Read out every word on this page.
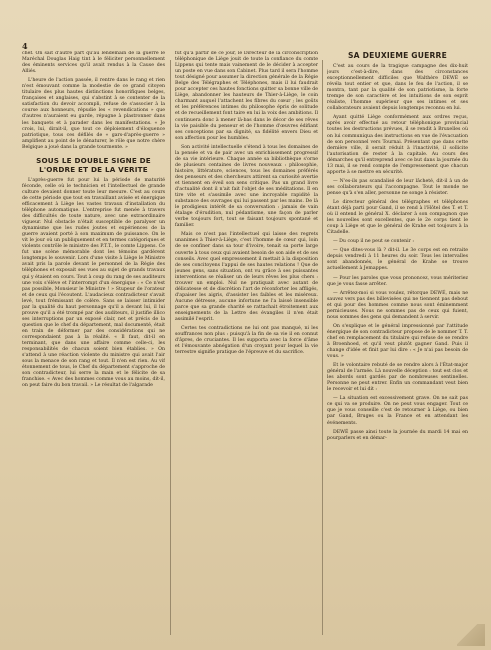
4

chef. On sait d'autre part qu'au lendemain de la guerre le Maréchal Douglas Haig tint à le féliciter personnellement des éminents services qu'il avait rendus à la Cause des Alliés.

L'heure de l'action passée, il rentre dans le rang et rien n'est émouvant comme la modestie de ce grand citoyen titulaire des plus hautes distinctions honorifiques belges, françaises et anglaises, qui s'abstint à se contenter de la satisfaction du devoir accompli, refuse de s'associer à la course aux honneurs, répudie les « revendications » que d'autres n'auraient eu garde, répugne à plastronner dans les banquets et à parader dans les manifestations. « Je crois, lui, dirait-il, que tout ce déploiement d'éloquence patriotique, tous ces défilés de « gars-d'après-guerre » amplifient au point de le dénaturer, le rôle que notre chère Belgique a joué dans la grande tourmente. »

SOUS LE DOUBLE SIGNE DE L'ORDRE ET DE LA VERITE

L'après-guerre fut pour lui la période de maturité féconde, celle où le technicien et l'intellectuel de grande culture devaient donner toute leur mesure. C'est au cours de cette période que tout en travaillant avisée et énergique efficacement à Liège les vastes travaux d'installation du téléphone automatique. L'entreprise fut menée à travers des difficultés de toute nature, avec une extraordinaire vigueur. Nul obstacle n'était susceptible de paralyser un dynamisme que les rudes joutes et expériences de la guerre avaient porté à son maximum de puissance. On le vit le jour où un publiquement et en termes catégoriques et violents contrôle le ministre des P.T.T., le comte Lippens. Ce fut une scène mémorable dont les témoins gardèrent longtemps le souvenir. Lors d'une visite à Liège le Ministre avait pris la parole devant le personnel de la Régie des téléphones et exposait ses vues au sujet de grands travaux qui y étaient en cours. Tout à coup du rang de ses auditeurs une voix s'élève et l'interrompt d'un énergique : « Ce n'est pas possible, Monsieur le Ministre ! » Stupeur de l'orateur et de ceux qui l'écoutent. L'audacieux contradicteur s'avait levé, tout frémissant de colère. Sans se laisser intimider par la qualité du haut personnage qu'il a devant lui, il lui prouve qu'il a été trompé par des auditeurs, il justifie illico ses interruptions par un exposé clair, net et précis de la question que le chef du département, mal documenté, était en train de déformer par des considérations qui ne correspondaient pas à la réalité. « Il faut, dit-il en terminant, que dans une affaire comme celle-ci, les responsabilités de chacun soient bien établies. » On s'attend à une réaction violente du ministre qui avait l'air sous la menace de son rang et tout. Il n'en est rien. Au vif étonnement de tous, le Chef du département s'approche de son contradicteur, lui serre la main et le félicite de sa franchise. « Avec des hommes comme vous au moins, dit-il, on peut faire du bon travail. » Le résultat de l'algarade

fut qu'à partir de ce jour, le Directeur de la circonscription téléphonique de Liège jouit de toute la confiance du comte Lippens qui tente mais vainement de le décider à accepter un poste en vue dans son Cabinet. Plus tard il sera l'homme tout désigné pour assumer la direction générale de la Régie Belge des Télégraphes et Téléphones, mais il lui faudrait pour accepter ces hautes fonctions quitter sa bonne ville de Liège, abandonner les hauteurs de Thier-à-Liège, le coin charmant auquel l'attachent les fibres du cœur ; les goûts et les préférences intimes du philosophe épris de solitude et de recueillement font taire en lui la voix des ambitions. Il continuera donc à mener là-bas dans le décor de ses rêves la vie paisible du penseur et de l'homme d'œuvres édifiant ses conceptions par sa dignité, sa fidélité envers Dieu et son affection pour les humbles.

Son activité intellectuelle s'étend à tous les domaines de la pensée et va de pair avec un enrichissement progressif de sa vie intérieure. Chaque année sa bibliothèque s'orne de plusieurs centaines de livres nouveaux : philosophie, histoire, littérature, sciences, tous les domaines préférés des penseurs et des chercheurs attirent sa curiosité avertie et tiennent en éveil son sens critique. Pas un grand livre d'actualité dont il n'ait fait l'objet de ses méditations. Il en tire vite et s'assimile avec une incroyable rapidité la substance des ouvrages qui lui passent par les mains. De là le prodigieux intérêt de sa conversation : jamais de vain étalage d'érudition, nul pédantisme, une façon de parler verbe toujours fort, tout se faisant toujours spontané et familier.

Mais ce n'est pas l'intellectuel qui laisse des regrets unanimes à Thier-à-Liège, c'est l'homme de cœur qui, loin de se confiner dans sa tour d'ivoire, tenait sa porte large ouverte à tous ceux qui avaient besoin de son aide et de ses conseils. Avec quel empressement il mettait à la disposition de ses concitoyens l'appui de ses hautes relations ! Que de jeunes gens, sans situation, ont vu grâce à ses puissantes interventions se réaliser un de leurs rêves les plus chers : trouver un emploi. Nul ne pratiquait avec autant de délicatesse et de discrétion l'art de réconforter les affligés, d'apaiser les aigris, d'assister les faibles et les miséreux. Aucune détresse, aucune infortune ne l'a laissé insensible parce que sa grande charité se rattachait étroitement aux enseignements de la Lettre des évangiles il n'en était assimilé l'esprit.

Certes tes contradictions ne lui ont pas manqué, ni les souffrances non plus : puisqu'à la fin de sa vie il en connut d'âpres, de cruciantes. Il les supporta avec la force d'âme et l'émouvante abnégation d'un croyant pour lequel la vie terrestre signifie pratique de l'épreuve et du sacrifice.

SA DEUXIEME GUERRE

C'est au cours de la tragique campagne des dix-huit jours c'est-à-dire, dans des circonstances exceptionnellement difficiles que Walthère DEWÉ se révéla tout entier et que, dans le feu de l'action, il se montra, tant par la qualité de son patriotisme, la forte trempe de son caractère et les intuitions de son esprit réaliste, l'homme supérieur que ses intimes et ses collaborateurs avaient depuis longtemps reconnu en lui.

Ayant quitté Liège conformément aux ordres reçus, après avoir effectué au retour téléphonique provincial toutes les destructions prévues, il se rendit à Bruxelles où on lui communiqua des instructions en vue de l'évacuation de son personnel vers Tournai. Présentant que dans cette dernière ville, il serait réduit à l'inactivité, il sollicite l'autorisation de rester à la capitale. Au cours des démarches qu'il entreprend avec ce but dans la journée du 13 mai, il se rend compte de l'empressement que chacun apporte à se mettre en sécurité.

— N'es-ils pas scandalisé de leur lâcheté, dit-il à un de ses collaborateurs qui l'accompagne. Tout le monde ne pense qu'à s'en aller, personne ne songe à résister.

Le directeur général des télégraphes et téléphones étant déjà parti pour Gand, il se rend à l'Hôtel des T. et T. où il entend le général X. déclarer à son compagnon que les nouvelles sont excellentes, que le 2e corps tient le coup à Liège et que le général de Krahe est toujours à la Citadelle.

— Du coup il ne peut se contenir :

— Que dites-vous là ? dit-il. Le 3e corps est en retraite depuis vendredi à 11 heures du soir. Tous les intervalles sont abandonnés, le général de Krahe se trouve actuellement à Jemappes.

— Pour les paroles que vous prononcez, vous mériteriez que je vous fasse arrêter.

— Arrêtez-moi si vous voulez, rétorque DEWÉ, mais ne sauvez vers pas des billevisées qui ne tiennent pas debout et qui pour des hommes comme nous sont éminemment pernicieuses. Nous ne sommes pas de ceux qui fuient, nous sommes des gens qui demandent à servir.

On s'explique et le général impressionné par l'attitude énergique de son contradicteur propose de le nommer T. T. chef en remplacement du titulaire qui refuse de se rendre à Broenhoed, et qu'il veut plutôt gagner Gand. Puis il change d'idée et finit par lui dire : « Je n'ai pas besoin de vous. »

Et le volontaire rebuté de se rendre alors à l'État-major général de l'armée. Là nouvelle déception : tout est clos et les abords sont gardés par de nombreuses sentinelles. Personne ne peut entrer. Enfin un commandant veut bien le recevoir et lui dit :

— La situation est excessivement grave. On ne sait pas ce qui va se produire. On ne peut vous engager. Tout ce que je vous conseille c'est de retourner à Liège, ou bien par Gand, Bruges ou la France et en attendant les événements.

DEWÉ passe ainsi toute la journée du mardi 14 mai en pourparlers et en démar-
